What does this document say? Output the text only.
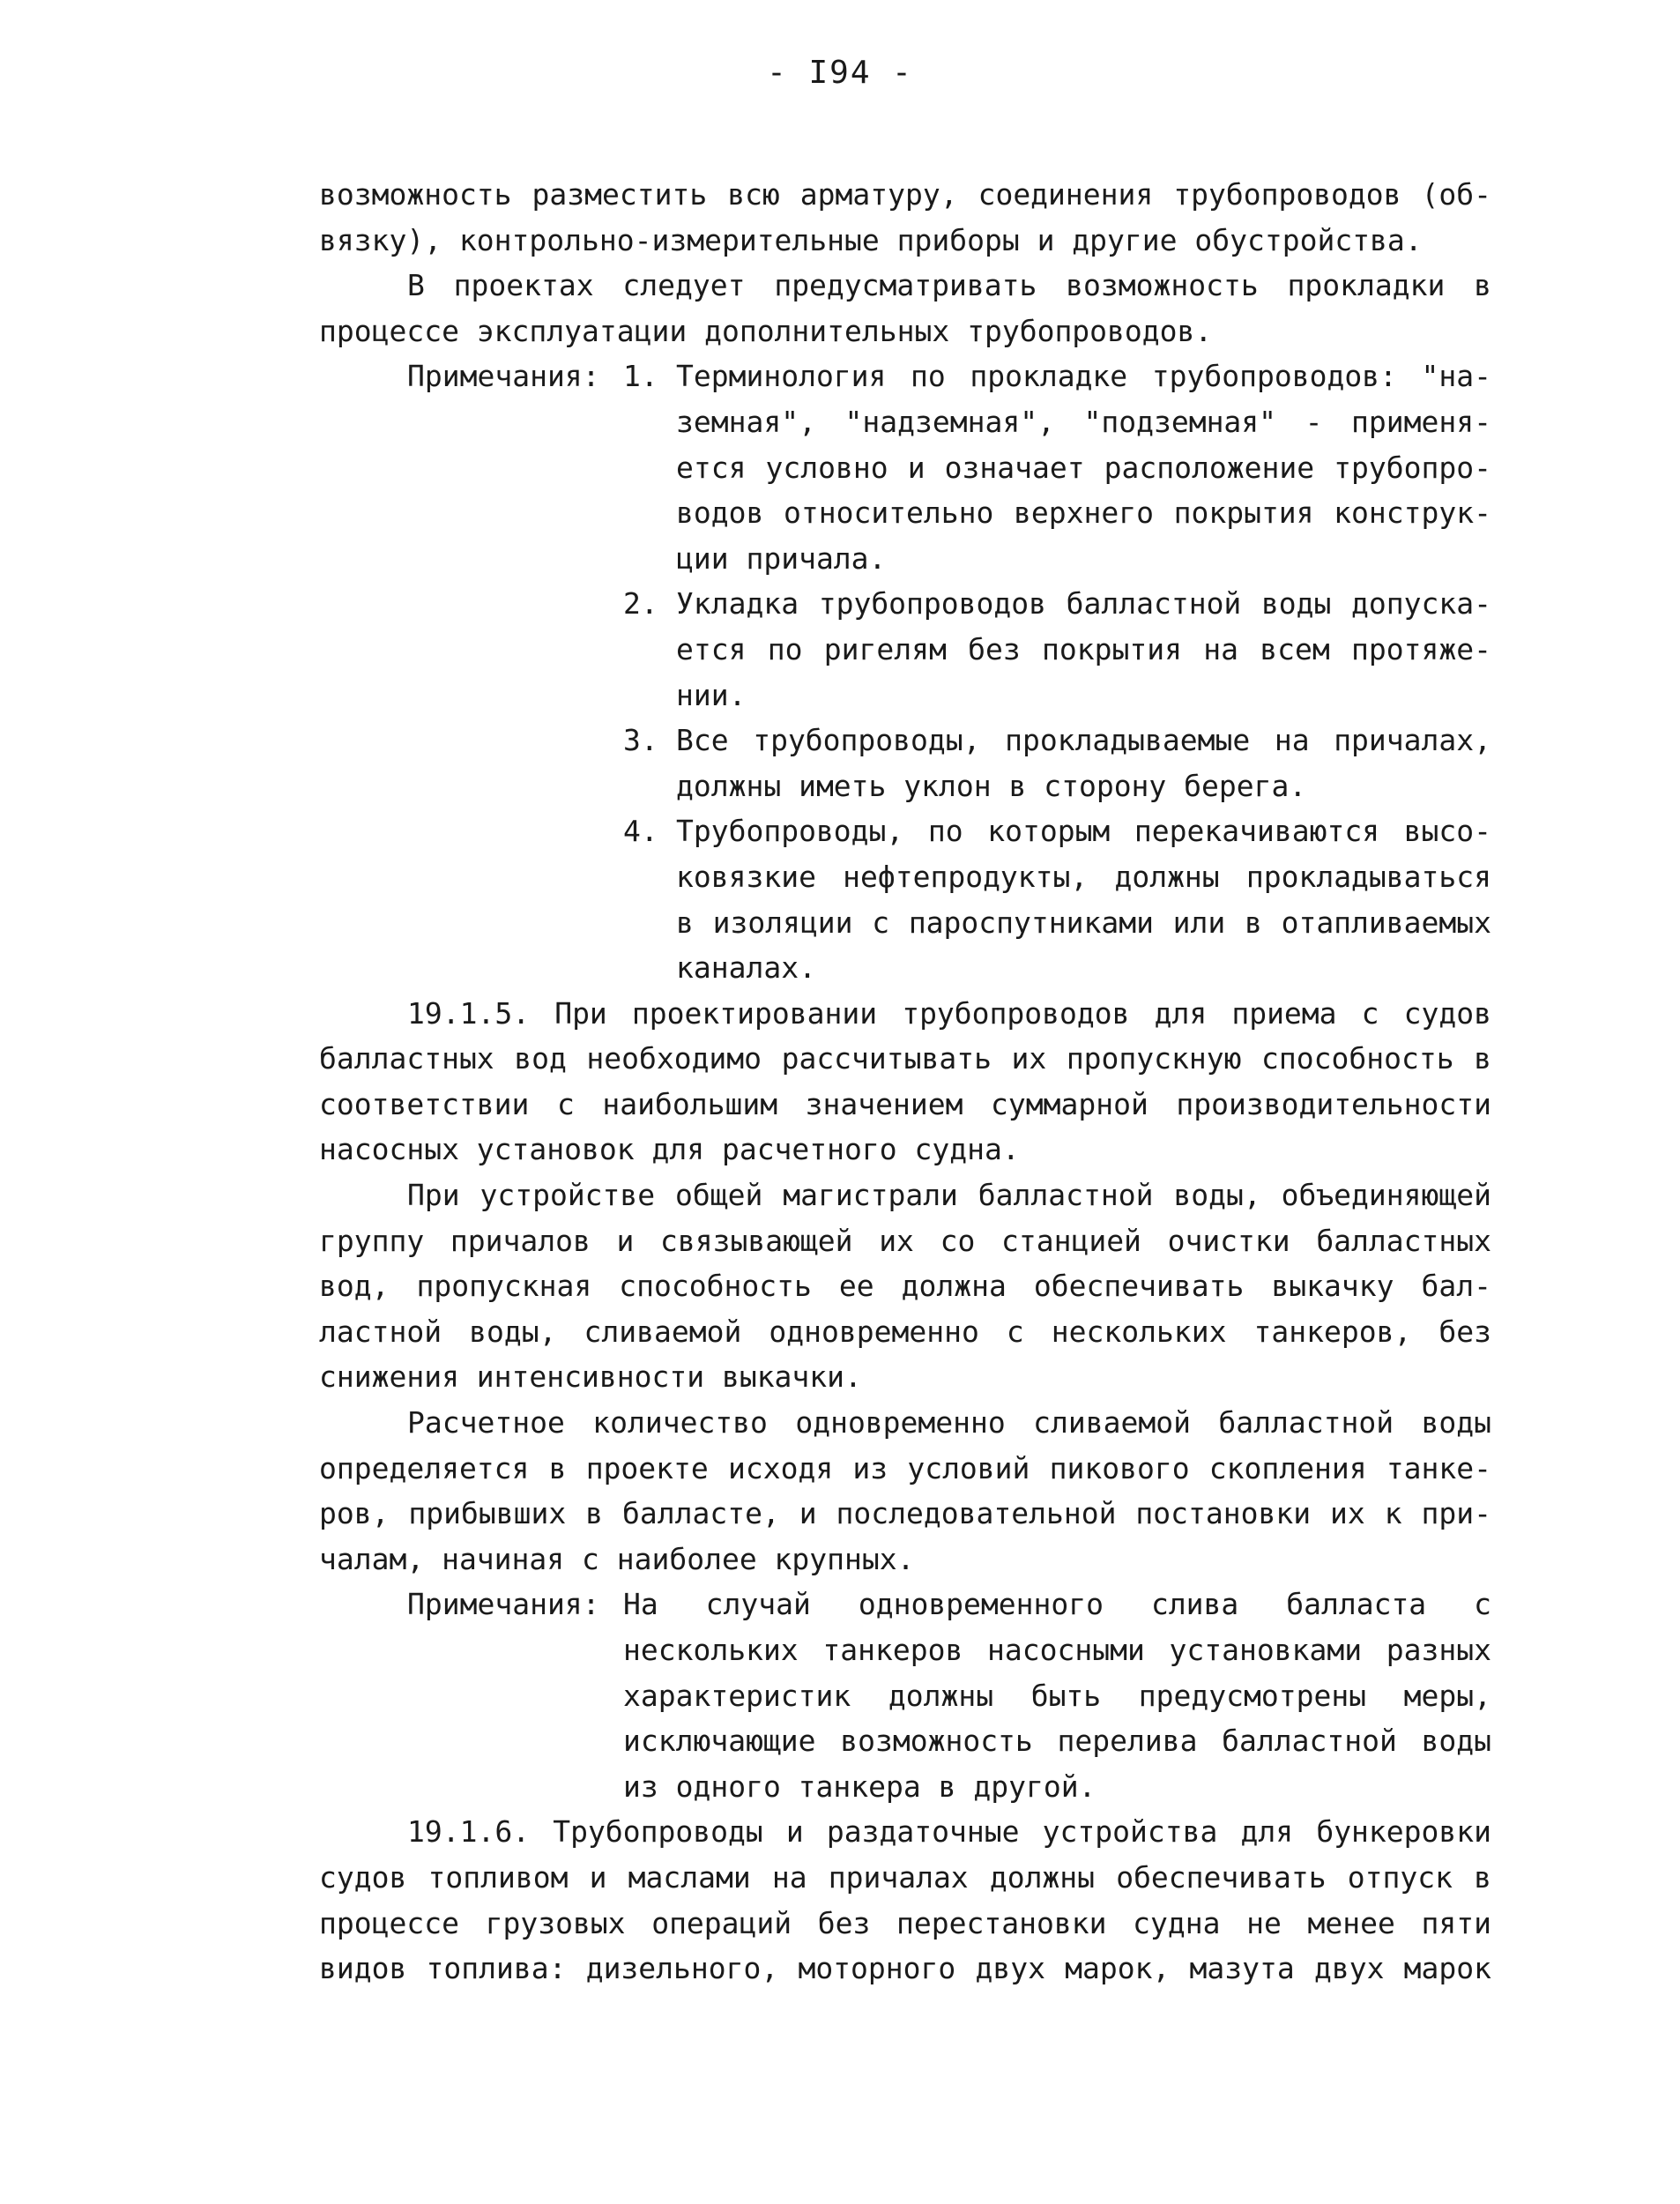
- I94 -
возможность разместить всю арматуру, соединения трубопроводов (об-
вязку), контрольно-измерительные приборы и другие обустройства.
В проектах следует предусматривать возможность прокладки в
процессе эксплуатации дополнительных трубопроводов.
Примечания: 1. Терминология по прокладке трубопроводов: "на-
земная", "надземная", "подземная" - применя-
ется условно и означает расположение трубопро-
водов относительно верхнего покрытия конструк-
ции причала.
2. Укладка трубопроводов балластной воды допуска-
ется по ригелям без покрытия на всем протяже-
нии.
3. Все трубопроводы, прокладываемые на причалах,
должны иметь уклон в сторону берега.
4. Трубопроводы, по которым перекачиваются высо-
ковязкие нефтепродукты, должны прокладываться
в изоляции с пароспутниками или в отапливаемых
каналах.
19.1.5. При проектировании трубопроводов для приема с судов
балластных вод необходимо рассчитывать их пропускную способность в
соответствии с наибольшим значением суммарной производительности
насосных установок для расчетного судна.
При устройстве общей магистрали балластной воды, объединяющей
группу причалов и связывающей их со станцией очистки балластных
вод, пропускная способность ее должна обеспечивать выкачку бал-
ластной воды, сливаемой одновременно с нескольких танкеров, без
снижения интенсивности выкачки.
Расчетное количество одновременно сливаемой балластной воды
определяется в проекте исходя из условий пикового скопления танке-
ров, прибывших в балласте, и последовательной постановки их к при-
чалам, начиная с наиболее крупных.
Примечания: На случай одновременного слива балласта с
нескольких танкеров насосными установками разных
характеристик должны быть предусмотрены меры,
исключающие возможность перелива балластной воды
из одного танкера в другой.
19.1.6. Трубопроводы и раздаточные устройства для бункеровки
судов топливом и маслами на причалах должны обеспечивать отпуск в
процессе грузовых операций без перестановки судна не менее пяти
видов топлива: дизельного, моторного двух марок, мазута двух марок
